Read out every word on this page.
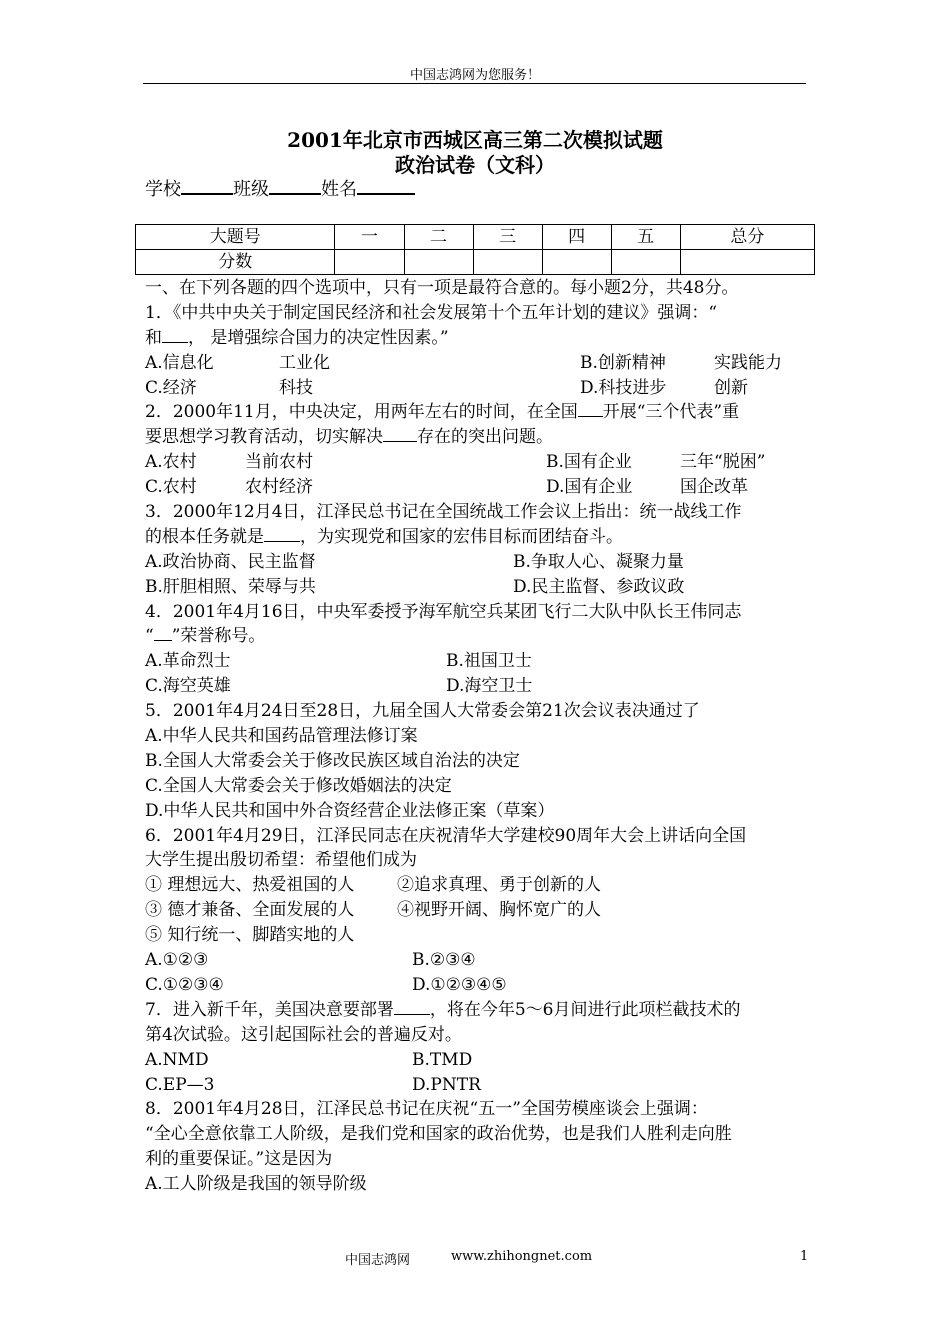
中国志鸿网为您服务！
2001年北京市西城区高三第二次模拟试题
政治试卷（文科）
学校	班级	姓名
大题号	一	二	三	四	五	总分
分数						
一、在下列各题的四个选项中，只有一项是最符合意的。每小题2分，共48分。
1．《中共中央关于制定国民经济和社会发展第十个五年计划的建议》强调：“
和 ， 是增强综合国力的决定性因素。”
A.信息化	工业化	B.创新精神	实践能力
C.经济	科技	D.科技进步	创新
2．2000年11月，中央决定，用两年左右的时间，在全国 开展“三个代表”重
要思想学习教育活动，切实解决 存在的突出问题。
A.农村	当前农村	B.国有企业	三年“脱困”
C.农村	农村经济	D.国有企业	国企改革
3．2000年12月4日，江泽民总书记在全国统战工作会议上指出：统一战线工作
的根本任务就是 ，为实现党和国家的宏伟目标而团结奋斗。
A.政治协商、民主监督	B.争取人心、凝聚力量
B.肝胆相照、荣辱与共	D.民主监督、参政议政
4．2001年4月16日，中央军委授予海军航空兵某团飞行二大队中队长王伟同志
“ ”荣誉称号。
A.革命烈士	B.祖国卫士
C.海空英雄	D.海空卫士
5．2001年4月24日至28日，九届全国人大常委会第21次会议表决通过了
A.中华人民共和国药品管理法修订案
B.全国人大常委会关于修改民族区域自治法的决定
C.全国人大常委会关于修改婚姻法的决定
D.中华人民共和国中外合资经营企业法修正案（草案）
6．2001年4月29日，江泽民同志在庆祝清华大学建校90周年大会上讲话向全国
大学生提出殷切希望：希望他们成为
① 理想远大、热爱祖国的人	②追求真理、勇于创新的人
③ 德才兼备、全面发展的人	④视野开阔、胸怀宽广的人
⑤ 知行统一、脚踏实地的人
A.①②③	B.②③④
C.①②③④	D.①②③④⑤
7．进入新千年，美国决意要部署 ，将在今年5～6月间进行此项栏截技术的
第4次试验。这引起国际社会的普遍反对。
A.NMD	B.TMD
C.EP—3	D.PNTR
8．2001年4月28日，江泽民总书记在庆祝“五一”全国劳模座谈会上强调：
“全心全意依靠工人阶级，是我们党和国家的政治优势，也是我们人胜利走向胜
利的重要保证。”这是因为
A.工人阶级是我国的领导阶级
中国志鸿网	www.zhihongnet.com	1
